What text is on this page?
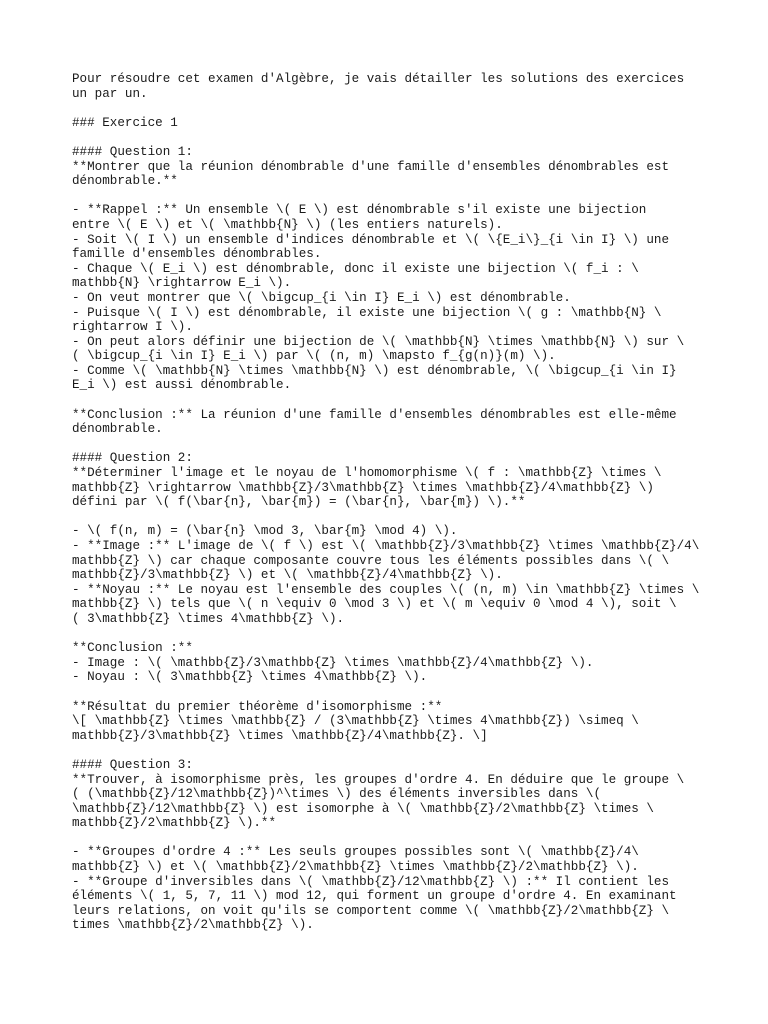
Pour résoudre cet examen d'Algèbre, je vais détailler les solutions des exercices
un par un.
### Exercice 1
#### Question 1:
**Montrer que la réunion dénombrable d'une famille d'ensembles dénombrables est
dénombrable.**
- **Rappel :** Un ensemble \( E \) est dénombrable s'il existe une bijection
entre \( E \) et \( \mathbb{N} \) (les entiers naturels).
- Soit \( I \) un ensemble d'indices dénombrable et \( \{E_i\}_{i \in I} \) une
famille d'ensembles dénombrables.
- Chaque \( E_i \) est dénombrable, donc il existe une bijection \( f_i : \
mathbb{N} \rightarrow E_i \).
- On veut montrer que \( \bigcup_{i \in I} E_i \) est dénombrable.
- Puisque \( I \) est dénombrable, il existe une bijection \( g : \mathbb{N} \
rightarrow I \).
- On peut alors définir une bijection de \( \mathbb{N} \times \mathbb{N} \) sur \
( \bigcup_{i \in I} E_i \) par \( (n, m) \mapsto f_{g(n)}(m) \).
- Comme \( \mathbb{N} \times \mathbb{N} \) est dénombrable, \( \bigcup_{i \in I}
E_i \) est aussi dénombrable.
**Conclusion :** La réunion d'une famille d'ensembles dénombrables est elle-même
dénombrable.
#### Question 2:
**Déterminer l'image et le noyau de l'homomorphisme \( f : \mathbb{Z} \times \
mathbb{Z} \rightarrow \mathbb{Z}/3\mathbb{Z} \times \mathbb{Z}/4\mathbb{Z} \)
défini par \( f(\bar{n}, \bar{m}) = (\bar{n}, \bar{m}) \).**
- \( f(n, m) = (\bar{n} \mod 3, \bar{m} \mod 4) \).
- **Image :** L'image de \( f \) est \( \mathbb{Z}/3\mathbb{Z} \times \mathbb{Z}/4\
mathbb{Z} \) car chaque composante couvre tous les éléments possibles dans \( \
mathbb{Z}/3\mathbb{Z} \) et \( \mathbb{Z}/4\mathbb{Z} \).
- **Noyau :** Le noyau est l'ensemble des couples \( (n, m) \in \mathbb{Z} \times \
mathbb{Z} \) tels que \( n \equiv 0 \mod 3 \) et \( m \equiv 0 \mod 4 \), soit \
( 3\mathbb{Z} \times 4\mathbb{Z} \).
**Conclusion :**
- Image : \( \mathbb{Z}/3\mathbb{Z} \times \mathbb{Z}/4\mathbb{Z} \).
- Noyau : \( 3\mathbb{Z} \times 4\mathbb{Z} \).
**Résultat du premier théorème d'isomorphisme :**
\[ \mathbb{Z} \times \mathbb{Z} / (3\mathbb{Z} \times 4\mathbb{Z}) \simeq \
mathbb{Z}/3\mathbb{Z} \times \mathbb{Z}/4\mathbb{Z}. \]
#### Question 3:
**Trouver, à isomorphisme près, les groupes d'ordre 4. En déduire que le groupe \
( (\mathbb{Z}/12\mathbb{Z})^\times \) des éléments inversibles dans \(
\mathbb{Z}/12\mathbb{Z} \) est isomorphe à \( \mathbb{Z}/2\mathbb{Z} \times \
mathbb{Z}/2\mathbb{Z} \).**
- **Groupes d'ordre 4 :** Les seuls groupes possibles sont \( \mathbb{Z}/4\
mathbb{Z} \) et \( \mathbb{Z}/2\mathbb{Z} \times \mathbb{Z}/2\mathbb{Z} \).
- **Groupe d'inversibles dans \( \mathbb{Z}/12\mathbb{Z} \) :** Il contient les
éléments \( 1, 5, 7, 11 \) mod 12, qui forment un groupe d'ordre 4. En examinant
leurs relations, on voit qu'ils se comportent comme \( \mathbb{Z}/2\mathbb{Z} \
times \mathbb{Z}/2\mathbb{Z} \).
